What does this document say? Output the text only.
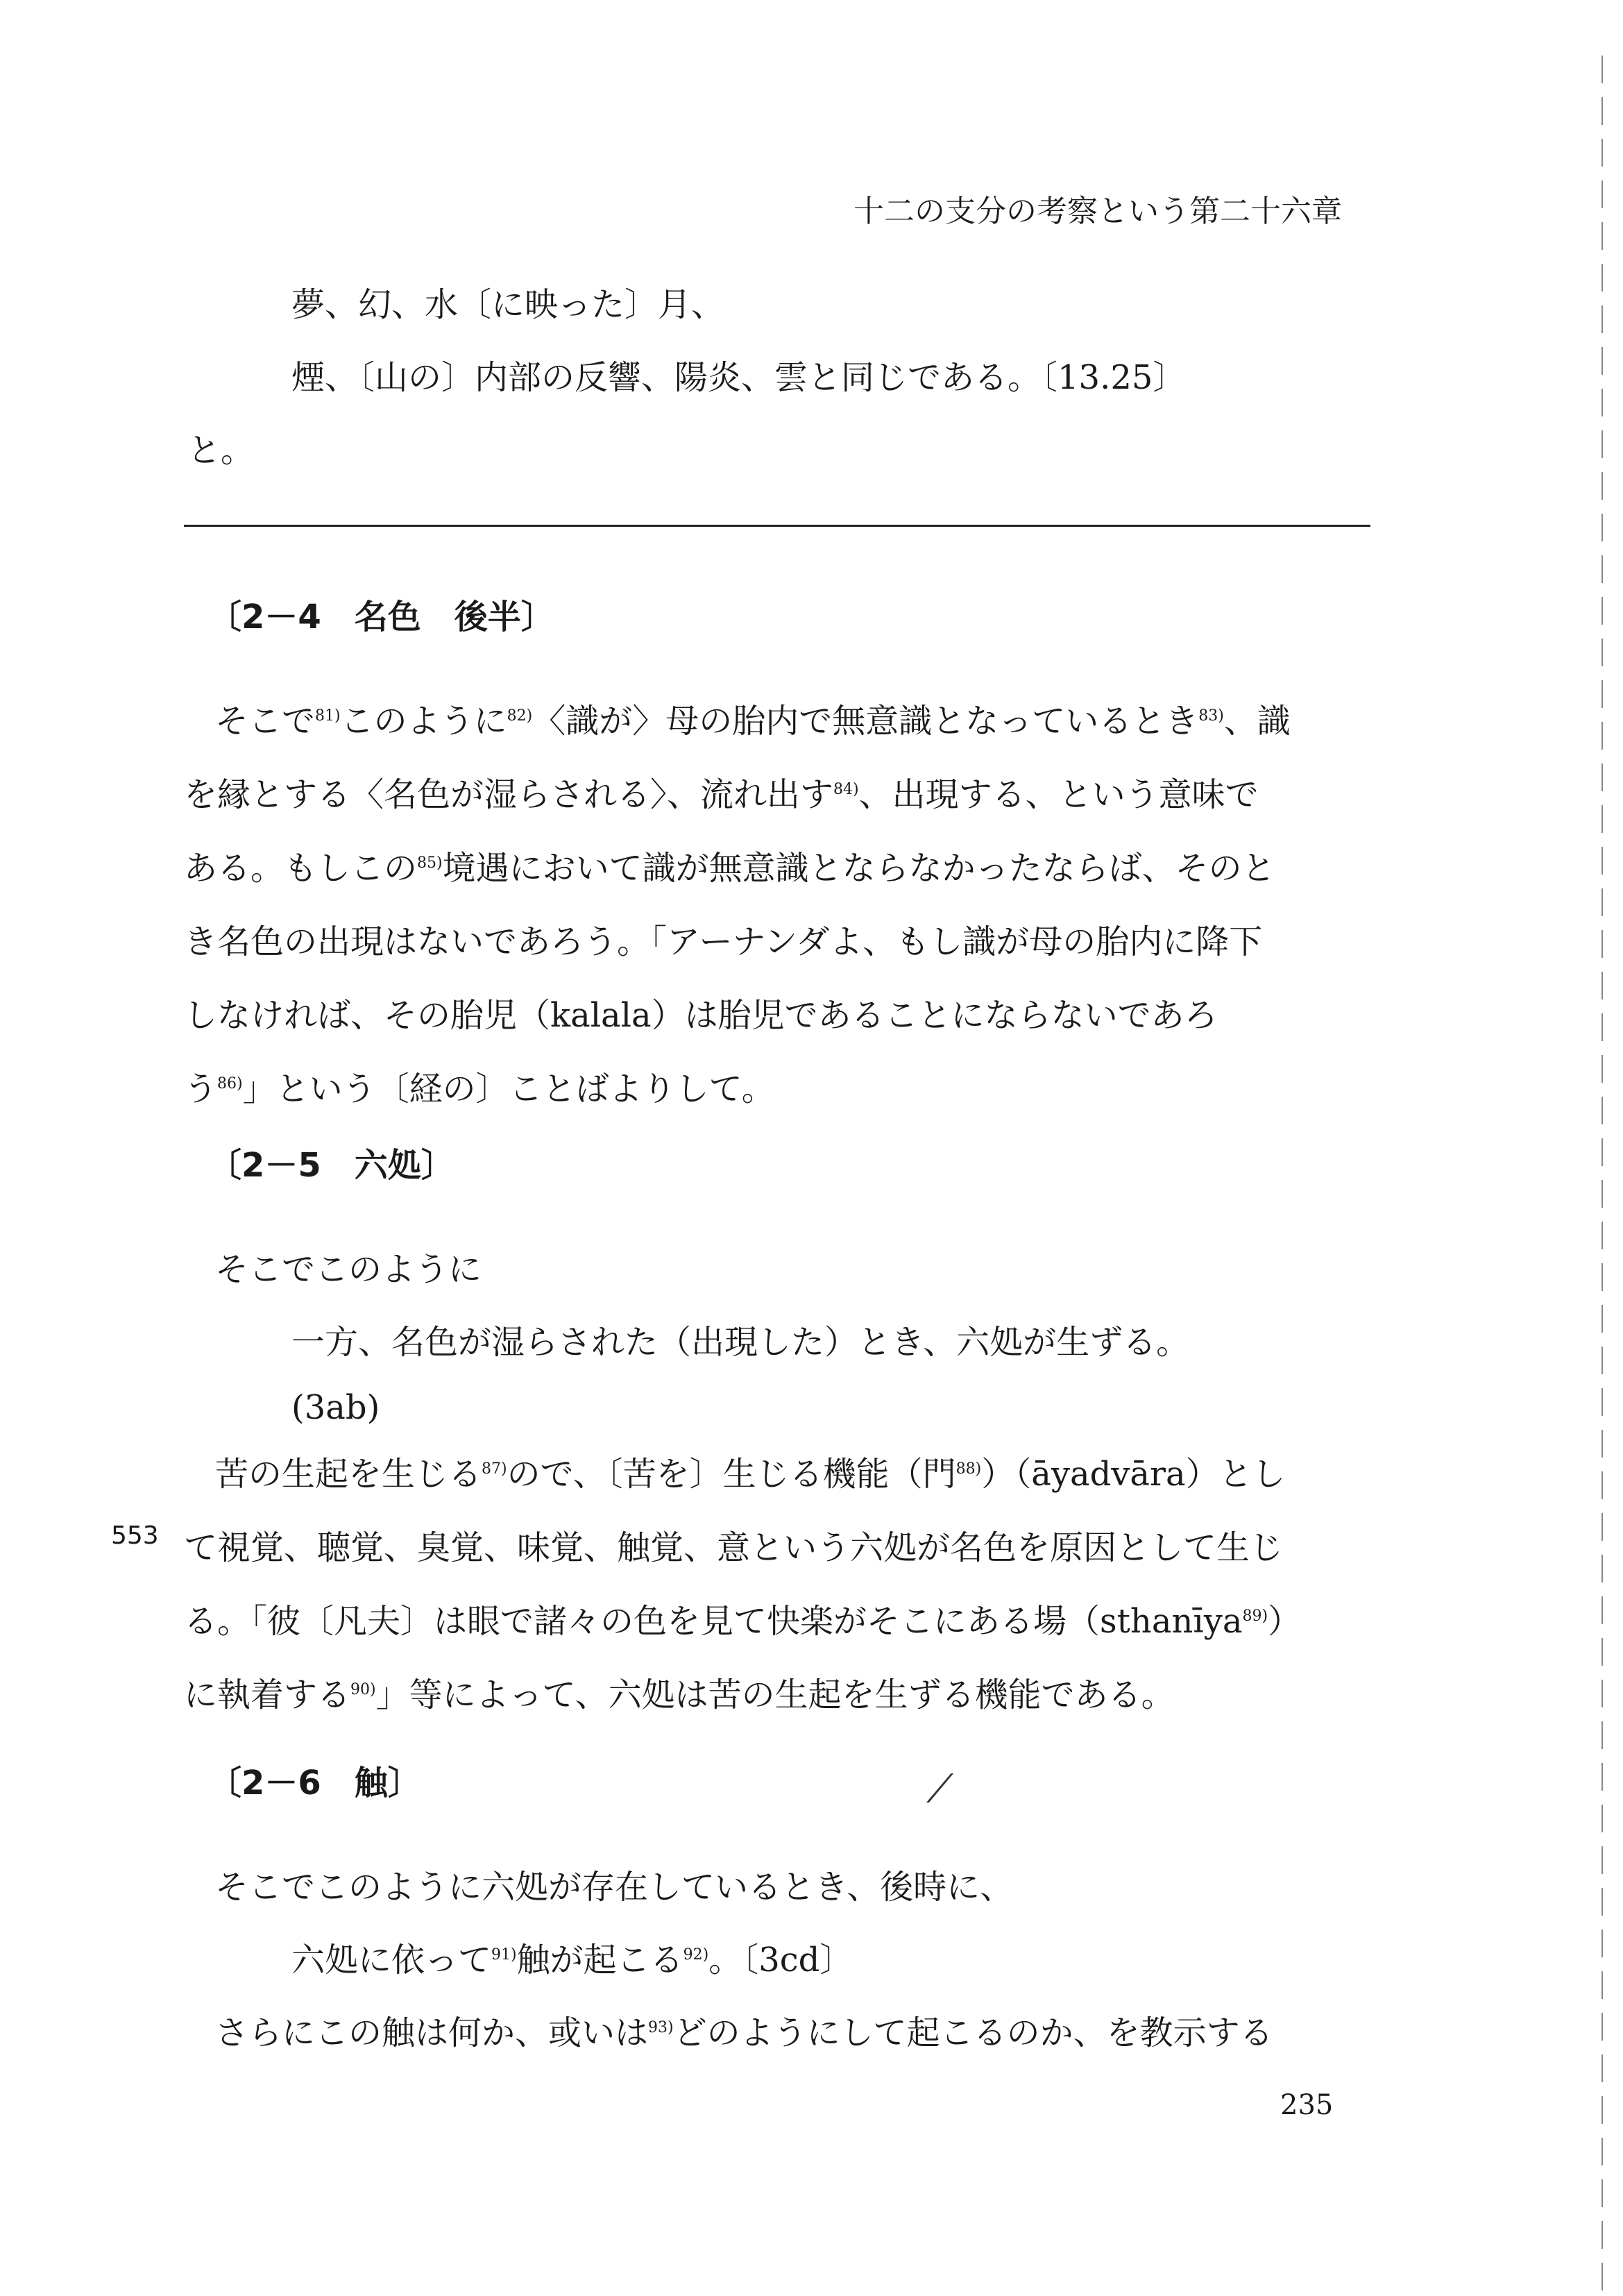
十二の支分の考察という第二十六章
夢、幻、水〔に映った〕月、
煙、〔山の〕内部の反響、陽炎、雲と同じである。〔13.25〕
と。
〔2－4　名色　後半〕
そこで$^{81)}$このように$^{82)}$〈識が〉母の胎内で無意識となっているとき$^{83)}$、識
を縁とする〈名色が湿らされる〉、流れ出す$^{84)}$、出現する、という意味で
ある。もしこの$^{85)}$境遇において識が無意識とならなかったならば、そのと
き名色の出現はないであろう。「アーナンダよ、もし識が母の胎内に降下
しなければ、その胎児（kalala）は胎児であることにならないであろ
う$^{86)}$」という〔経の〕ことばよりして。
〔2－5　六処〕
そこでこのように
一方、名色が湿らされた（出現した）とき、六処が生ずる。
(3ab)
苦の生起を生じる$^{87)}$ので、〔苦を〕生じる機能（門$^{88)}$）（āyadvāra）とし
て視覚、聴覚、臭覚、味覚、触覚、意という六処が名色を原因として生じ
る。「彼〔凡夫〕は眼で諸々の色を見て快楽がそこにある場（sthanīya$^{89)}$）
に執着する$^{90)}$」等によって、六処は苦の生起を生ずる機能である。
553
〔2－6　触〕	⟋
そこでこのように六処が存在しているとき、後時に、
六処に依って$^{91)}$触が起こる$^{92)}$。〔3cd〕
さらにこの触は何か、或いは$^{93)}$どのようにして起こるのか、を教示する
235
